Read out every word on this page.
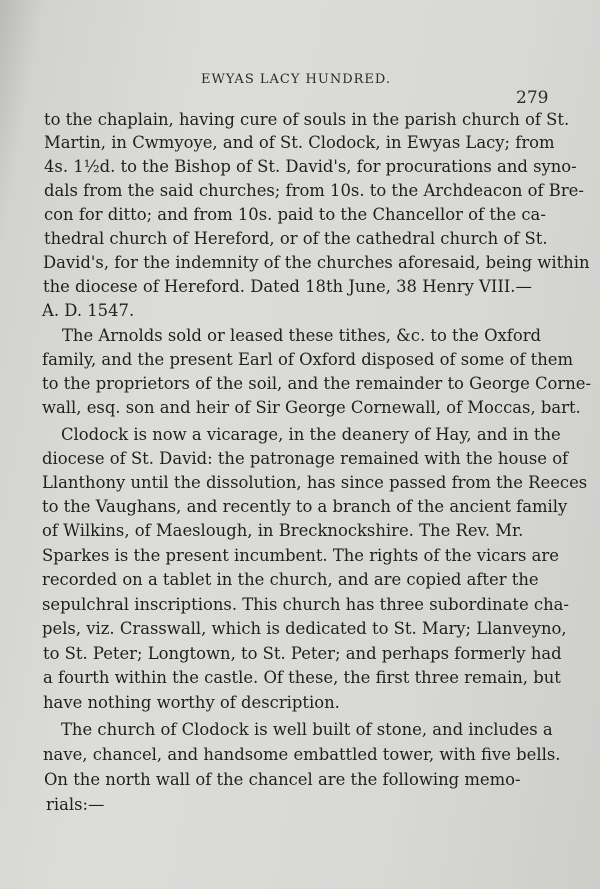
EWYAS LACY HUNDRED.
279
to the chaplain, having cure of souls in the parish church of St.
Martin, in Cwmyoye, and of St. Clodock, in Ewyas Lacy; from
4s. 1½d. to the Bishop of St. David's, for procurations and syno-
dals from the said churches; from 10s. to the Archdeacon of Bre-
con for ditto; and from 10s. paid to the Chancellor of the ca-
thedral church of Hereford, or of the cathedral church of St.
David's, for the indemnity of the churches aforesaid, being within
the diocese of Hereford. Dated 18th June, 38 Henry VIII.—
A. D. 1547.
The Arnolds sold or leased these tithes, &c. to the Oxford
family, and the present Earl of Oxford disposed of some of them
to the proprietors of the soil, and the remainder to George Corne-
wall, esq. son and heir of Sir George Cornewall, of Moccas, bart.
Clodock is now a vicarage, in the deanery of Hay, and in the
diocese of St. David: the patronage remained with the house of
Llanthony until the dissolution, has since passed from the Reeces
to the Vaughans, and recently to a branch of the ancient family
of Wilkins, of Maeslough, in Brecknockshire. The Rev. Mr.
Sparkes is the present incumbent. The rights of the vicars are
recorded on a tablet in the church, and are copied after the
sepulchral inscriptions. This church has three subordinate cha-
pels, viz. Crasswall, which is dedicated to St. Mary; Llanveyno,
to St. Peter; Longtown, to St. Peter; and perhaps formerly had
a fourth within the castle. Of these, the first three remain, but
have nothing worthy of description.
The church of Clodock is well built of stone, and includes a
nave, chancel, and handsome embattled tower, with five bells.
On the north wall of the chancel are the following memo-
rials:—
